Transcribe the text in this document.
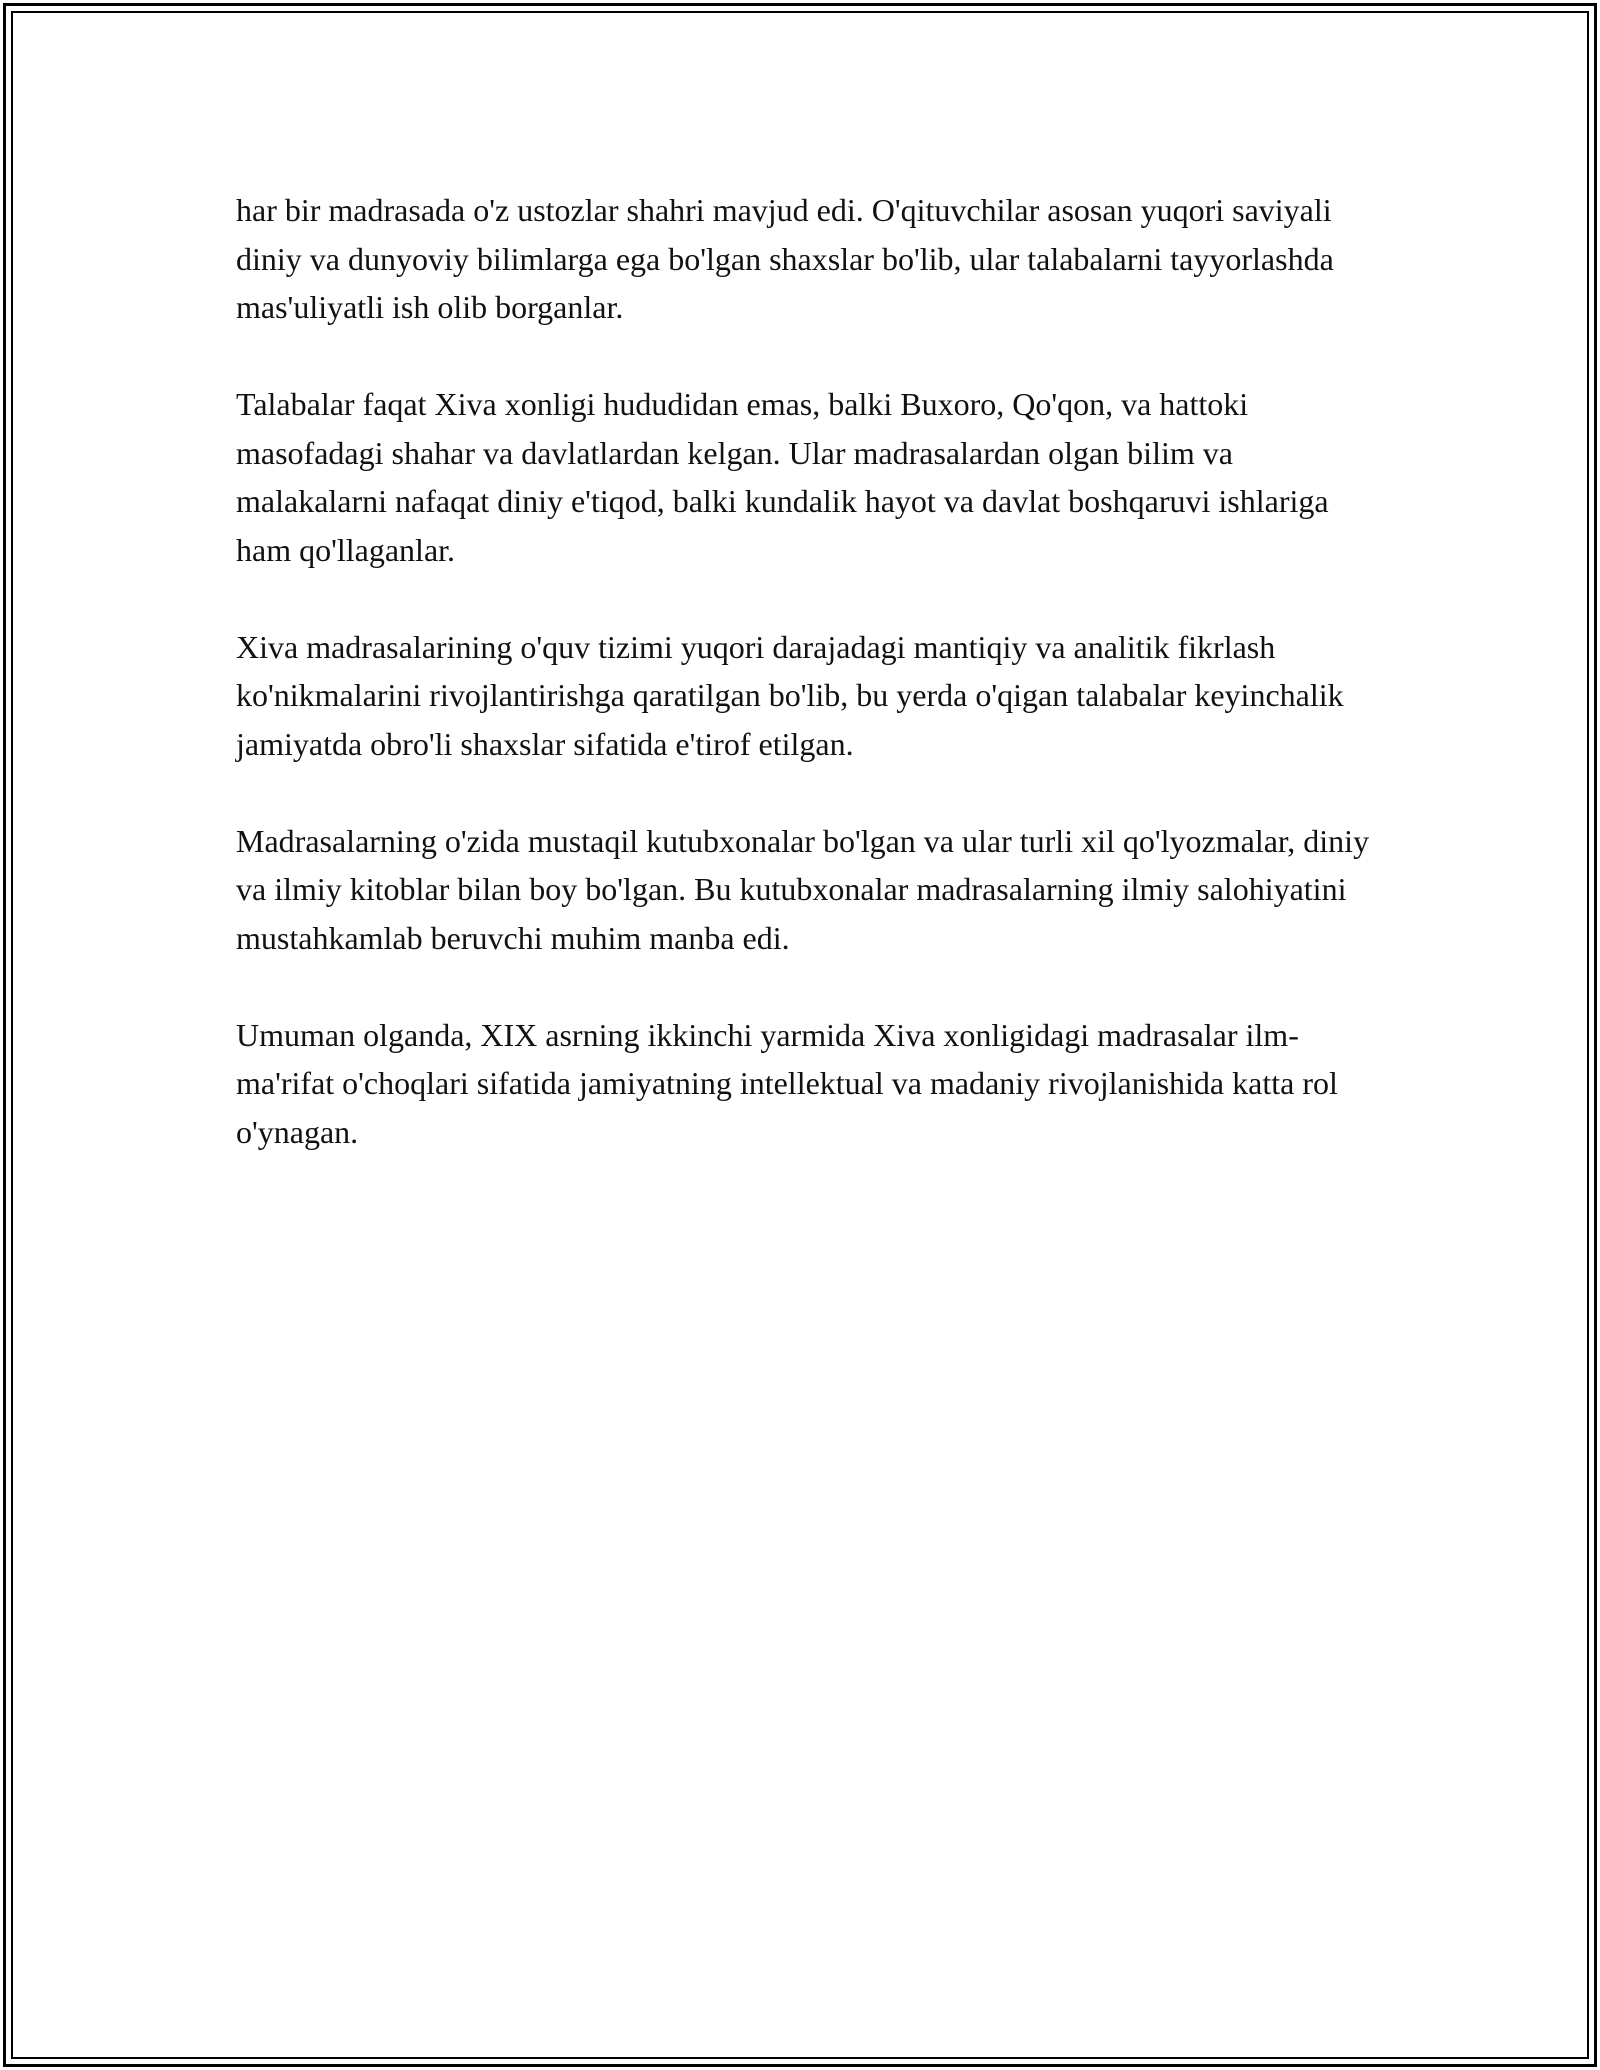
har bir madrasada o'z ustozlar shahri mavjud edi. O'qituvchilar asosan yuqori saviyali diniy va dunyoviy bilimlarga ega bo'lgan shaxslar bo'lib, ular talabalarni tayyorlashda mas'uliyatli ish olib borganlar.

Talabalar faqat Xiva xonligi hududidan emas, balki Buxoro, Qo'qon, va hattoki masofadagi shahar va davlatlardan kelgan. Ular madrasalardan olgan bilim va malakalarni nafaqat diniy e'tiqod, balki kundalik hayot va davlat boshqaruvi ishlariga ham qo'llaganlar.

Xiva madrasalarining o'quv tizimi yuqori darajadagi mantiqiy va analitik fikrlash ko'nikmalarini rivojlantirishga qaratilgan bo'lib, bu yerda o'qigan talabalar keyinchalik jamiyatda obro'li shaxslar sifatida e'tirof etilgan.

Madrasalarning o'zida mustaqil kutubxonalar bo'lgan va ular turli xil qo'lyozmalar, diniy va ilmiy kitoblar bilan boy bo'lgan. Bu kutubxonalar madrasalarning ilmiy salohiyatini mustahkamlab beruvchi muhim manba edi.

Umuman olganda, XIX asrning ikkinchi yarmida Xiva xonligidagi madrasalar ilm-ma'rifat o'choqlari sifatida jamiyatning intellektual va madaniy rivojlanishida katta rol o'ynagan.
